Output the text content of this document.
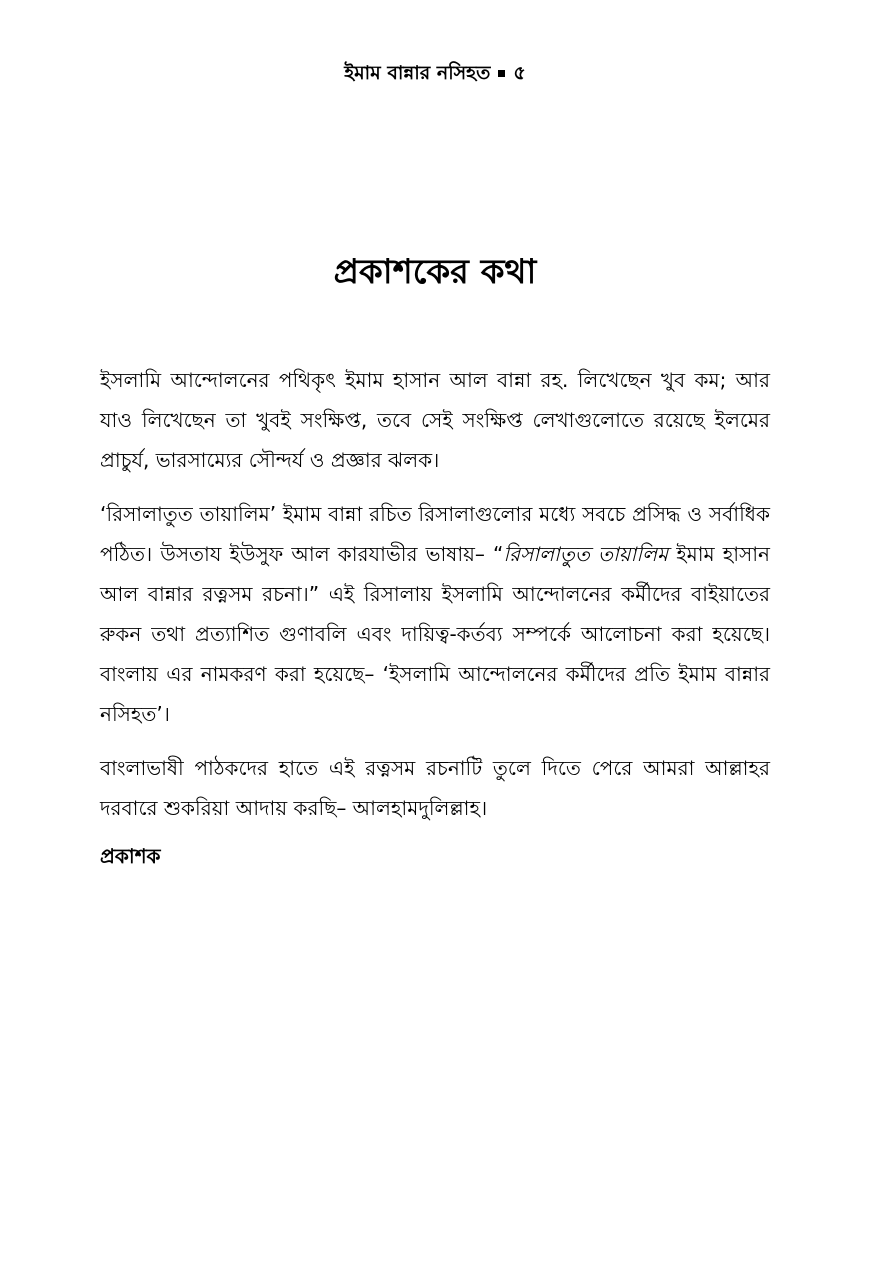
ইমাম বান্নার নসিহত ৫
প্রকাশকের কথা

ইসলামি আন্দোলনের পথিকৃৎ ইমাম হাসান আল বান্না রহ. লিখেছেন খুব কম; আর যাও লিখেছেন তা খুবই সংক্ষিপ্ত, তবে সেই সংক্ষিপ্ত লেখাগুলোতে রয়েছে ইলমের প্রাচুর্য, ভারসাম্যের সৌন্দর্য ও প্রজ্ঞার ঝলক।

‘রিসালাতুত তায়ালিম’ ইমাম বান্না রচিত রিসালাগুলোর মধ্যে সবচে প্রসিদ্ধ ও সর্বাধিক পঠিত। উসতায ইউসুফ আল কারযাভীর ভাষায়– “রিসালাতুত তায়ালিম ইমাম হাসান আল বান্নার রত্নসম রচনা।” এই রিসালায় ইসলামি আন্দোলনের কর্মীদের বাইয়াতের রুকন তথা প্রত্যাশিত গুণাবলি এবং দায়িত্ব-কর্তব্য সম্পর্কে আলোচনা করা হয়েছে। বাংলায় এর নামকরণ করা হয়েছে– ‘ইসলামি আন্দোলনের কর্মীদের প্রতি ইমাম বান্নার নসিহত’।

বাংলাভাষী পাঠকদের হাতে এই রত্নসম রচনাটি তুলে দিতে পেরে আমরা আল্লাহর দরবারে শুকরিয়া আদায় করছি– আলহামদুলিল্লাহ।

প্রকাশক
